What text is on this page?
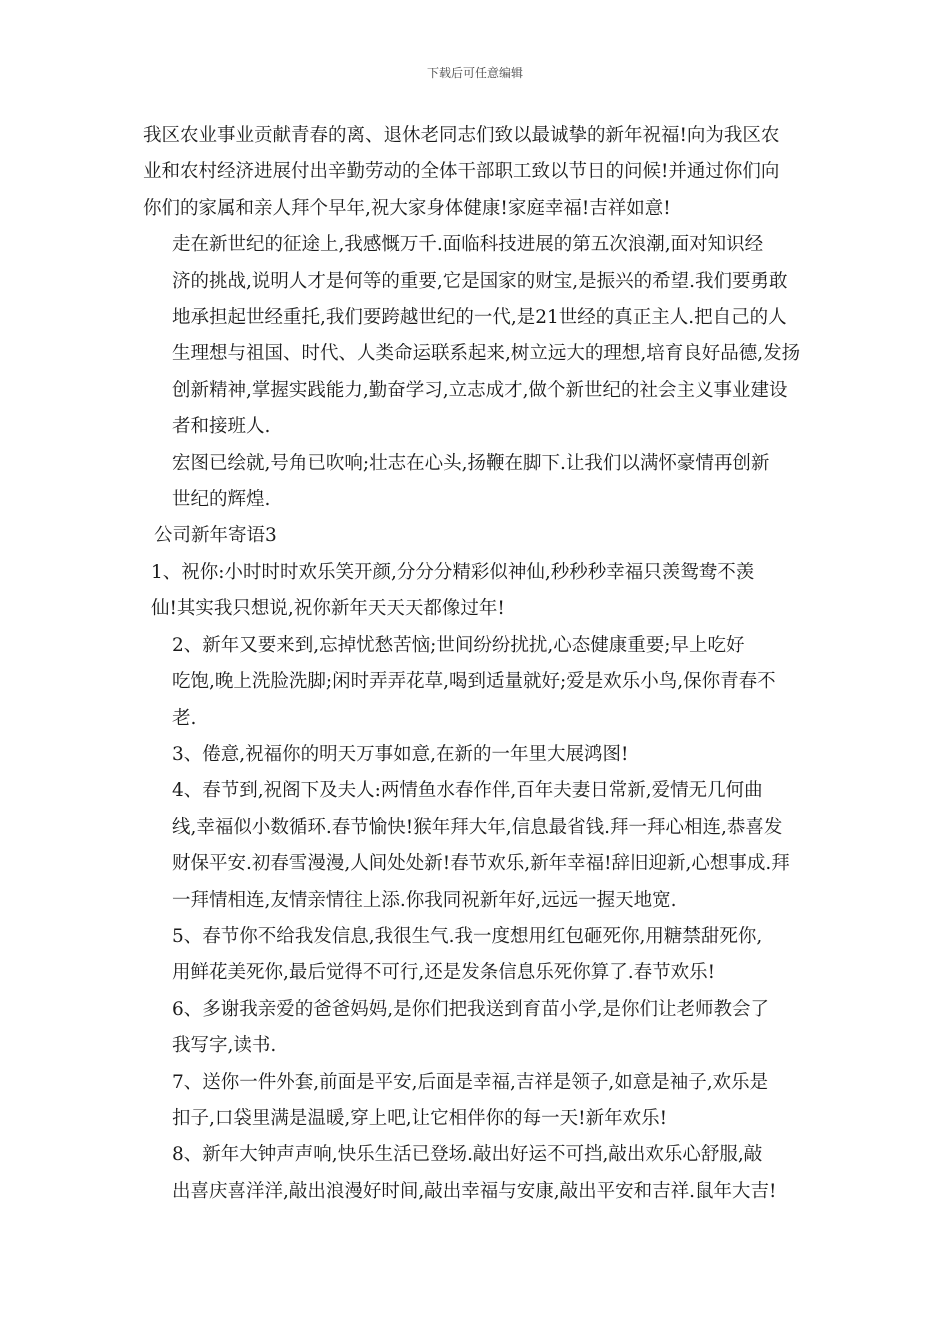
下载后可任意编辑

我区农业事业贡献青春的离、退休老同志们致以最诚挚的新年祝福!向为我区农
业和农村经济进展付出辛勤劳动的全体干部职工致以节日的问候!并通过你们向
你们的家属和亲人拜个早年,祝大家身体健康!家庭幸福!吉祥如意!

走在新世纪的征途上,我感慨万千.面临科技进展的第五次浪潮,面对知识经
济的挑战,说明人才是何等的重要,它是国家的财宝,是振兴的希望.我们要勇敢
地承担起世经重托,我们要跨越世纪的一代,是21世经的真正主人.把自己的人
生理想与祖国、时代、人类命运联系起来,树立远大的理想,培育良好品德,发扬
创新精神,掌握实践能力,勤奋学习,立志成才,做个新世纪的社会主义事业建设
者和接班人.

宏图已绘就,号角已吹响;壮志在心头,扬鞭在脚下.让我们以满怀豪情再创新
世纪的辉煌.

公司新年寄语3

1、祝你:小时时时欢乐笑开颜,分分分精彩似神仙,秒秒秒幸福只羡鸳鸯不羡
仙!其实我只想说,祝你新年天天天都像过年!

2、新年又要来到,忘掉忧愁苦恼;世间纷纷扰扰,心态健康重要;早上吃好
吃饱,晚上洗脸洗脚;闲时弄弄花草,喝到适量就好;爱是欢乐小鸟,保你青春不
老.

3、倦意,祝福你的明天万事如意,在新的一年里大展鸿图!

4、春节到,祝阁下及夫人:两情鱼水春作伴,百年夫妻日常新,爱情无几何曲
线,幸福似小数循环.春节愉快!猴年拜大年,信息最省钱.拜一拜心相连,恭喜发
财保平安.初春雪漫漫,人间处处新!春节欢乐,新年幸福!辞旧迎新,心想事成.拜
一拜情相连,友情亲情往上添.你我同祝新年好,远远一握天地宽.

5、春节你不给我发信息,我很生气.我一度想用红包砸死你,用糖禁甜死你,
用鲜花美死你,最后觉得不可行,还是发条信息乐死你算了.春节欢乐!

6、多谢我亲爱的爸爸妈妈,是你们把我送到育苗小学,是你们让老师教会了
我写字,读书.

7、送你一件外套,前面是平安,后面是幸福,吉祥是领子,如意是袖子,欢乐是
扣子,口袋里满是温暖,穿上吧,让它相伴你的每一天!新年欢乐!

8、新年大钟声声响,快乐生活已登场.敲出好运不可挡,敲出欢乐心舒服,敲
出喜庆喜洋洋,敲出浪漫好时间,敲出幸福与安康,敲出平安和吉祥.鼠年大吉!
